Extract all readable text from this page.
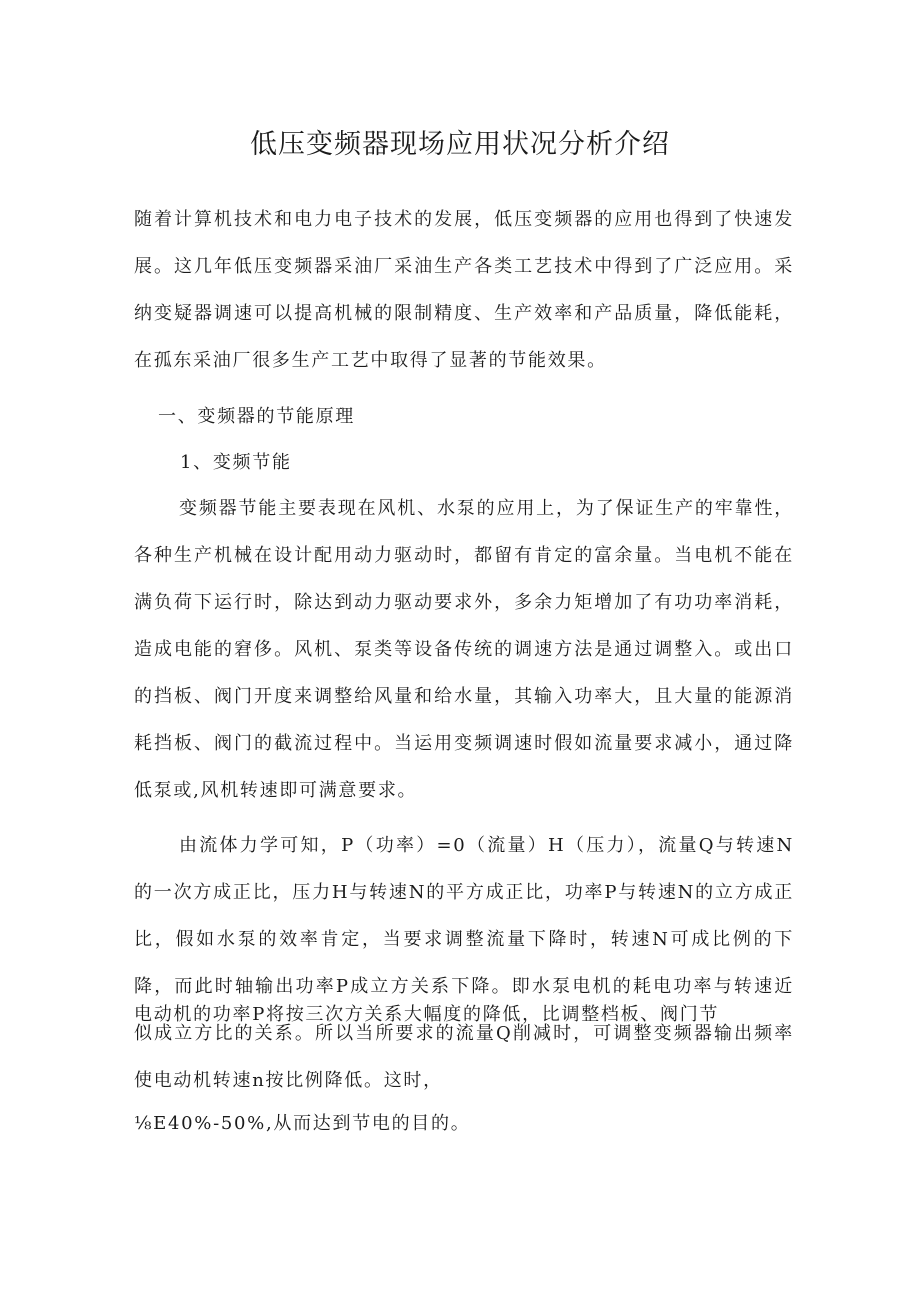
低压变频器现场应用状况分析介绍

随着计算机技术和电力电子技术的发展，低压变频器的应用也得到了快速发展。这几年低压变频器采油厂采油生产各类工艺技术中得到了广泛应用。采纳变疑器调速可以提高机械的限制精度、生产效率和产品质量，降低能耗，在孤东采油厂很多生产工艺中取得了显著的节能效果。

一、变频器的节能原理

1、变频节能

变频器节能主要表现在风机、水泵的应用上，为了保证生产的牢靠性，各种生产机械在设计配用动力驱动时，都留有肯定的富余量。当电机不能在满负荷下运行时，除达到动力驱动要求外，多余力矩增加了有功功率消耗，造成电能的窘侈。风机、泵类等设备传统的调速方法是通过调整入。或出口的挡板、阀门开度来调整给风量和给水量，其输入功率大，且大量的能源消耗挡板、阀门的截流过程中。当运用变频调速时假如流量要求减小，通过降低泵或,风机转速即可满意要求。

由流体力学可知，P（功率）=0（流量）H（压力），流量Q与转速N的一次方成正比，压力H与转速N的平方成正比，功率P与转速N的立方成正比，假如水泵的效率肯定，当要求调整流量下降时，转速N可成比例的下降，而此时轴输出功率P成立方关系下降。即水泵电机的耗电功率与转速近似成立方比的关系。所以当所要求的流量Q削减时，可调整变频器输出频率使电动机转速n按比例降低。这时，

电动机的功率P将按三次方关系大幅度的降低，比调整档板、阀门节

⅛E40%-50%,从而达到节电的目的。
